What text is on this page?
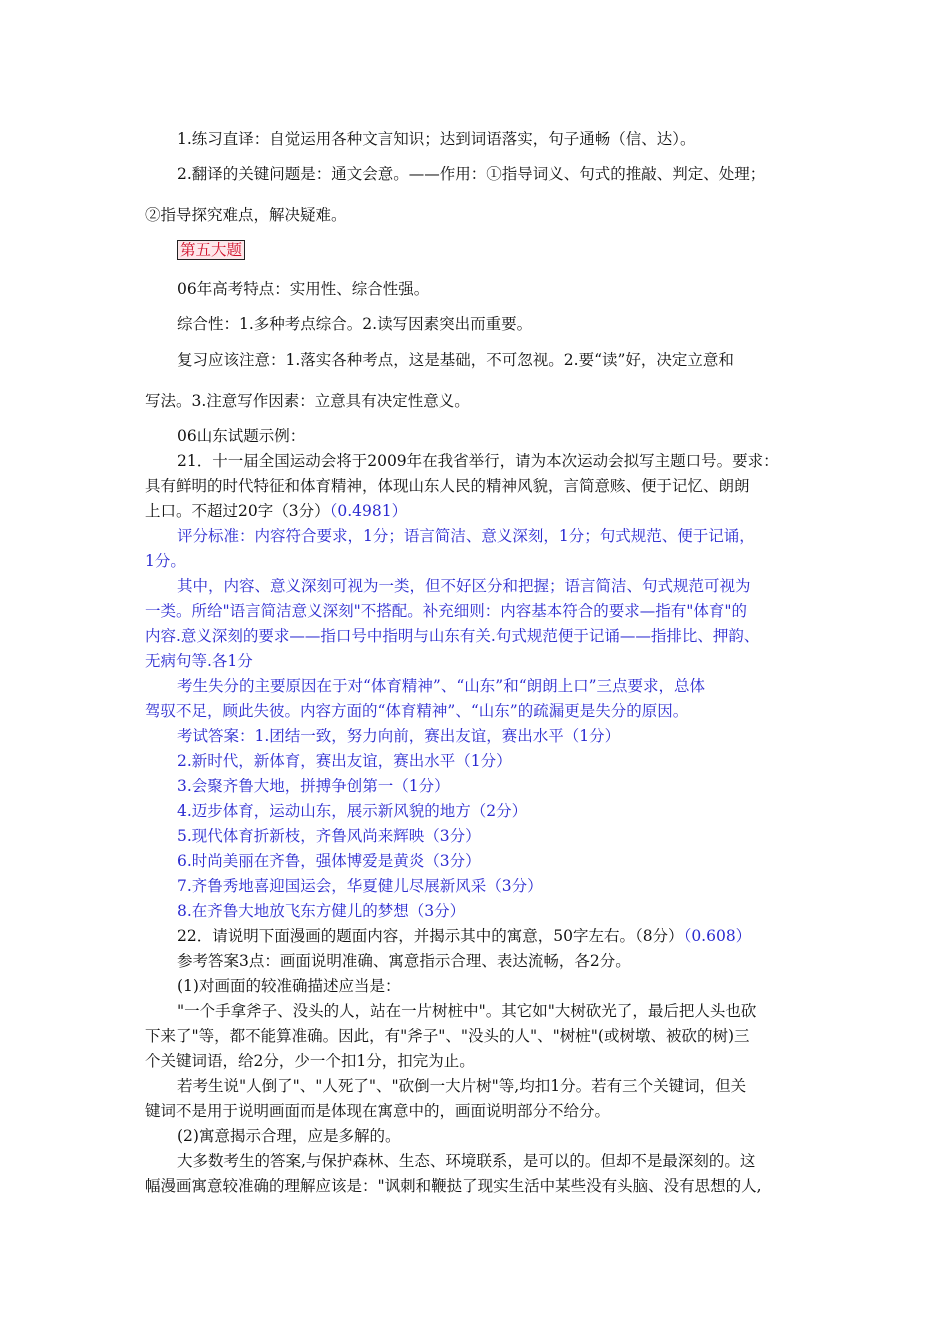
1.练习直译：自觉运用各种文言知识；达到词语落实，句子通畅（信、达）。
2.翻译的关键问题是：通文会意。——作用：①指导词义、句式的推敲、判定、处理；
②指导探究难点，解决疑难。
第五大题
06年高考特点：实用性、综合性强。
综合性：1.多种考点综合。2.读写因素突出而重要。
复习应该注意：1.落实各种考点，这是基础，不可忽视。2.要“读”好，决定立意和
写法。3.注意写作因素：立意具有决定性意义。
06山东试题示例：
21．十一届全国运动会将于2009年在我省举行，请为本次运动会拟写主题口号。要求：
具有鲜明的时代特征和体育精神，体现山东人民的精神风貌，言简意赅、便于记忆、朗朗
上口。不超过20字（3分）（0.4981）
评分标准：内容符合要求，1分；语言简洁、意义深刻，1分；句式规范、便于记诵，
1分。
其中，内容、意义深刻可视为一类，但不好区分和把握；语言简洁、句式规范可视为
一类。所给"语言简洁意义深刻"不搭配。补充细则：内容基本符合的要求—指有"体育"的
内容.意义深刻的要求——指口号中指明与山东有关.句式规范便于记诵——指排比、押韵、
无病句等.各1分
考生失分的主要原因在于对“体育精神”、“山东”和“朗朗上口”三点要求，总体
驾驭不足，顾此失彼。内容方面的“体育精神”、“山东”的疏漏更是失分的原因。
考试答案：1.团结一致，努力向前，赛出友谊，赛出水平（1分）
2.新时代，新体育，赛出友谊，赛出水平（1分）
3.会聚齐鲁大地，拼搏争创第一（1分）
4.迈步体育，运动山东，展示新风貌的地方（2分）
5.现代体育折新枝，齐鲁风尚来辉映（3分）
6.时尚美丽在齐鲁，强体博爱是黄炎（3分）
7.齐鲁秀地喜迎国运会，华夏健儿尽展新风采（3分）
8.在齐鲁大地放飞东方健儿的梦想（3分）
22．请说明下面漫画的题面内容，并揭示其中的寓意，50字左右。（8分）（0.608）
参考答案3点：画面说明准确、寓意指示合理、表达流畅，各2分。
(1)对画面的较准确描述应当是：
"一个手拿斧子、没头的人，站在一片树桩中"。其它如"大树砍光了，最后把人头也砍
下来了"等，都不能算准确。因此，有"斧子"、"没头的人"、"树桩"(或树墩、被砍的树)三
个关键词语，给2分，少一个扣1分，扣完为止。
若考生说"人倒了"、"人死了"、"砍倒一大片树"等,均扣1分。若有三个关键词，但关
键词不是用于说明画面而是体现在寓意中的，画面说明部分不给分。
(2)寓意揭示合理，应是多解的。
大多数考生的答案,与保护森林、生态、环境联系，是可以的。但却不是最深刻的。这
幅漫画寓意较准确的理解应该是："讽刺和鞭挞了现实生活中某些没有头脑、没有思想的人,
